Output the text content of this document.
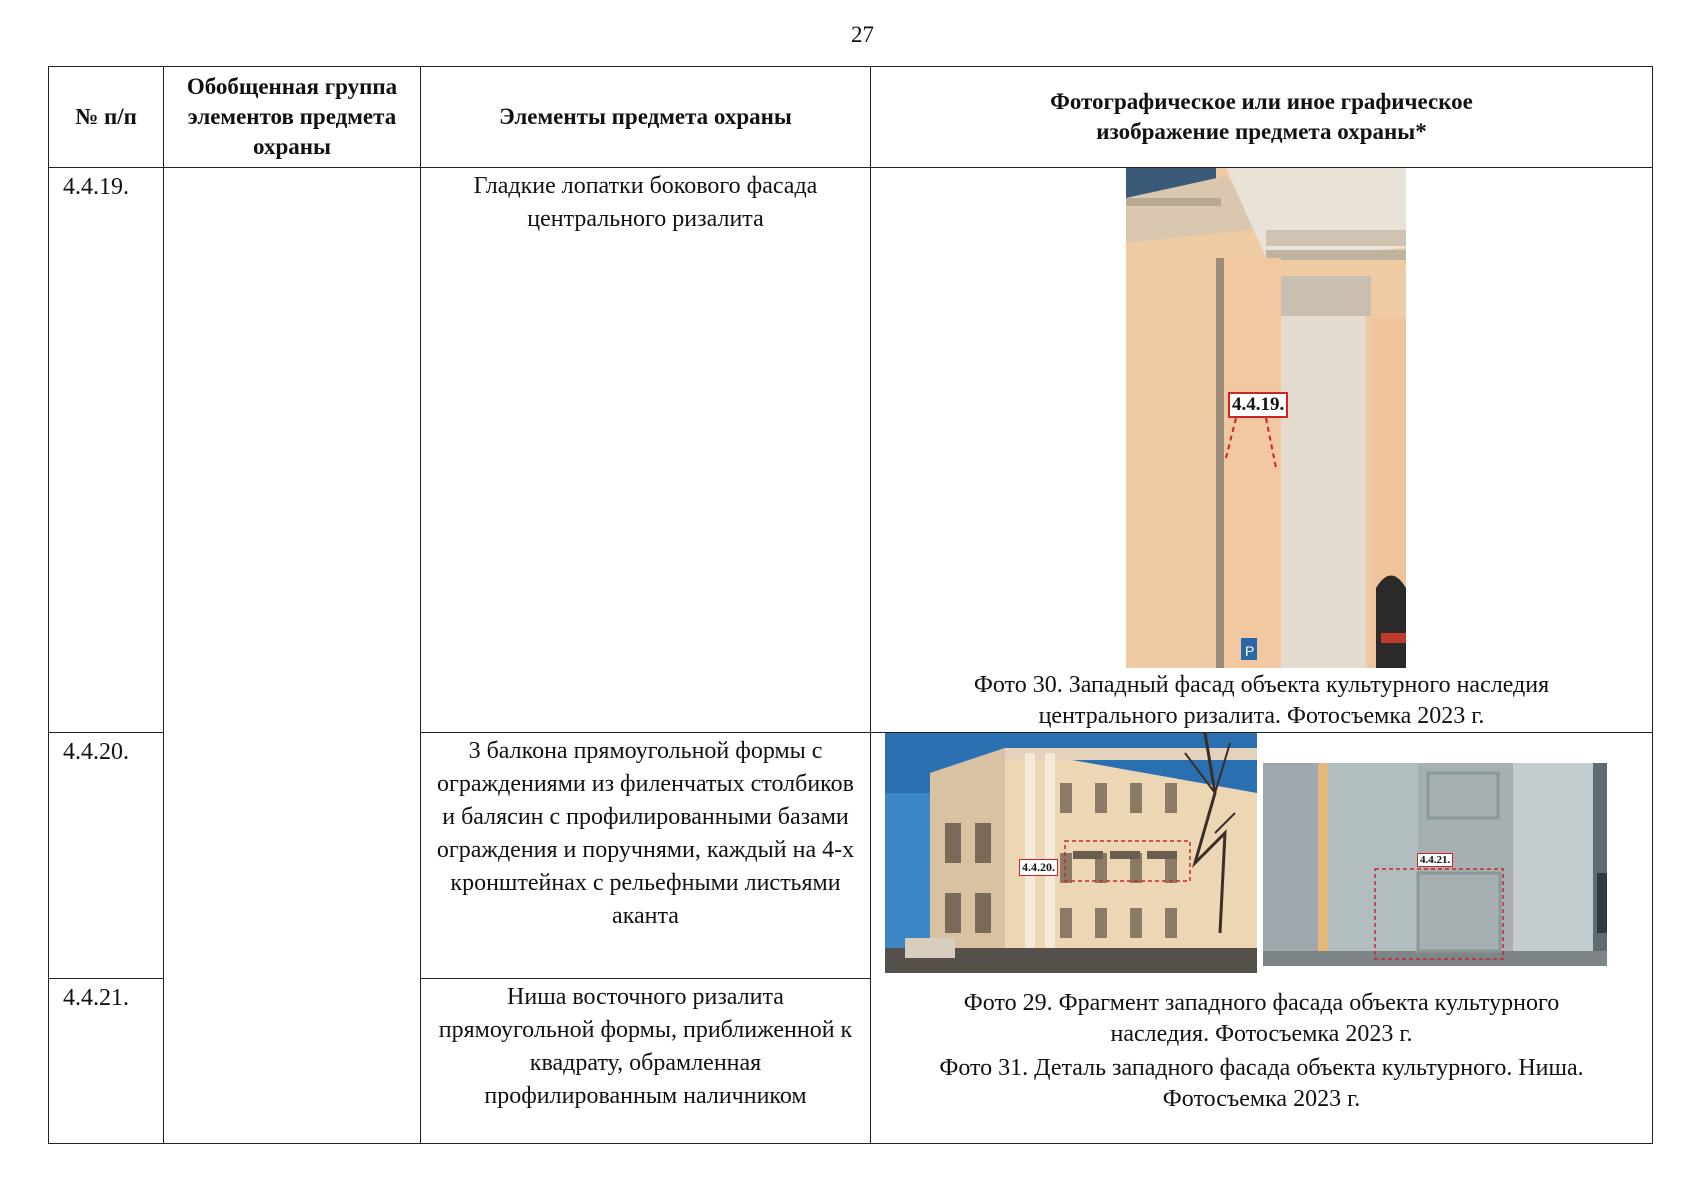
27
№ п/п	Обобщенная группа элементов предмета охраны	Элементы предмета охраны	Фотографическое или иное графическое изображение предмета охраны*
4.4.19.		Гладкие лопатки бокового фасада центрального ризалита	P
4.4.19.
Фото 30. Западный фасад объекта культурного наследия центрального ризалита. Фотосъемка 2023 г.

4.4.20.		3 балкона прямоугольной формы с ограждениями из филенчатых столбиков и балясин с профилированными базами ограждения и поручнями, каждый на 4-х кронштейнах с рельефными листьями аканта	4.4.20. 4.4.21.
Фото 29. Фрагмент западного фасада объекта культурного наследия. Фотосъемка 2023 г.
Фото 31. Деталь западного фасада объекта культурного. Ниша. Фотосъемка 2023 г.

4.4.21.		Ниша восточного ризалита прямоугольной формы, приближенной к квадрату, обрамленная профилированным наличником	
